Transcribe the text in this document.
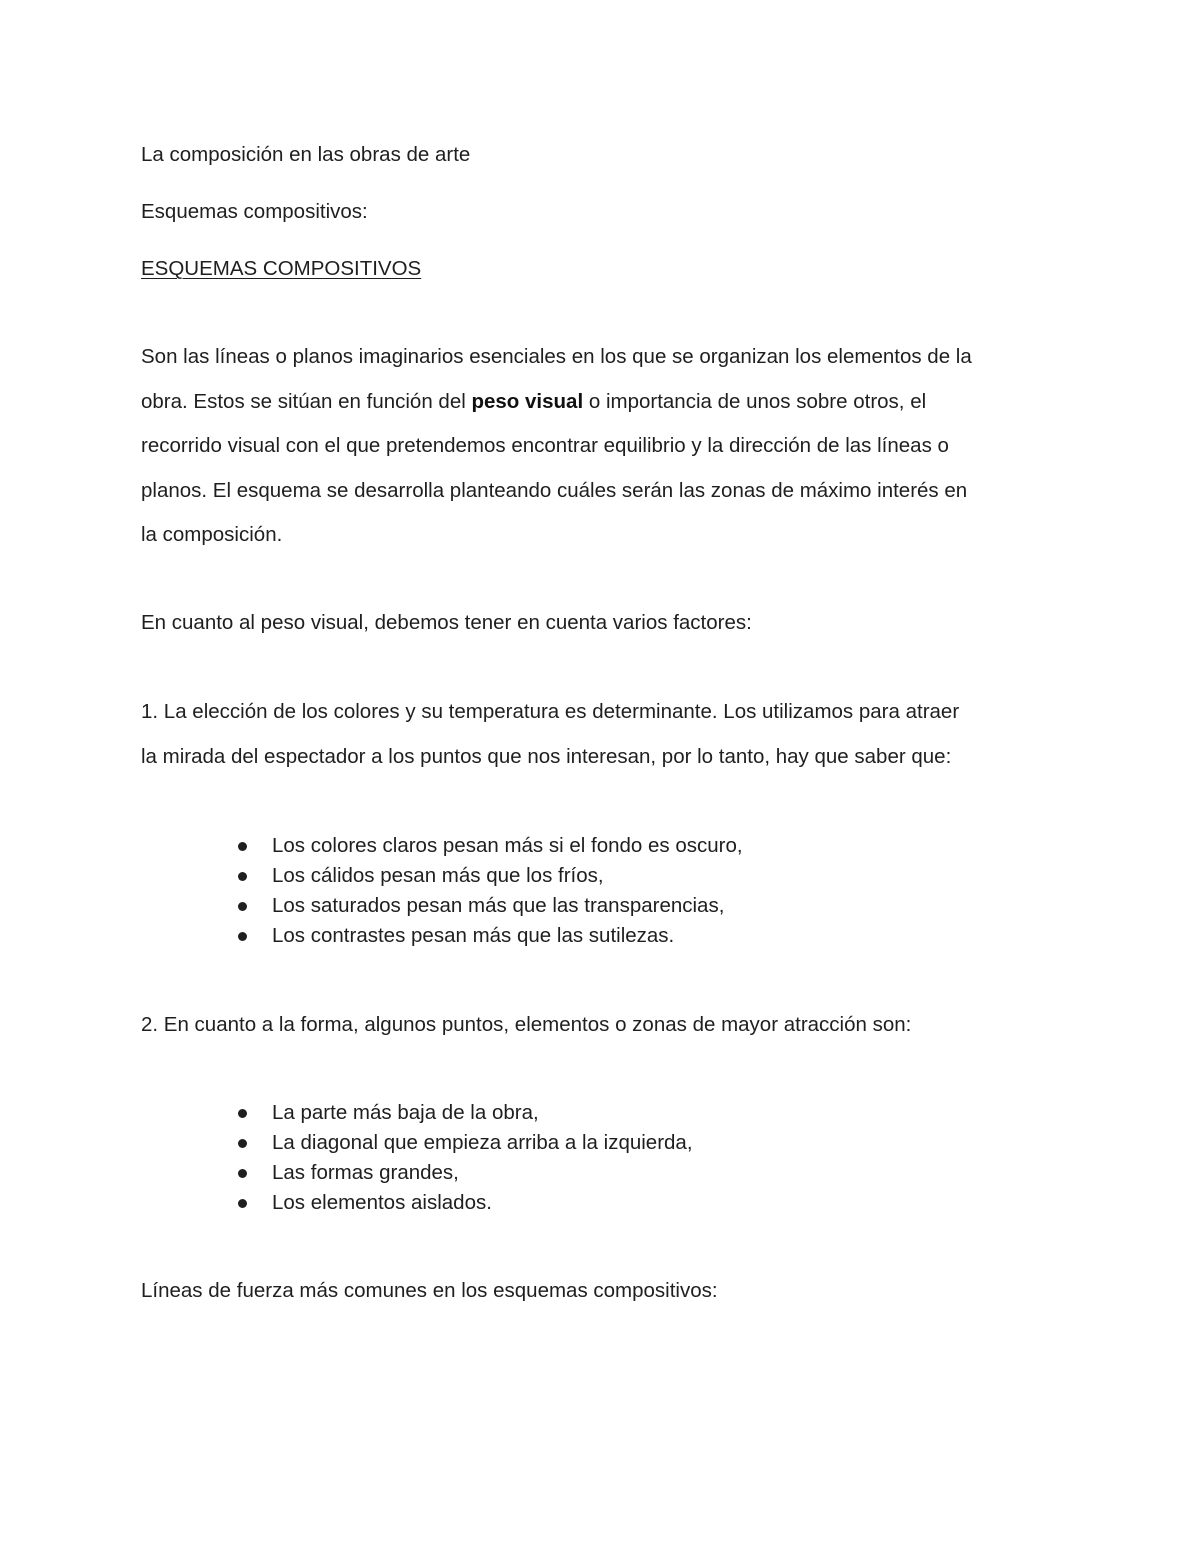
La composición en las obras de arte
Esquemas compositivos:
ESQUEMAS COMPOSITIVOS
Son las líneas o planos imaginarios esenciales en los que se organizan los elementos de la
obra. Estos se sitúan en función del peso visual o importancia de unos sobre otros, el
recorrido visual con el que pretendemos encontrar equilibrio y la dirección de las líneas o
planos. El esquema se desarrolla planteando cuáles serán las zonas de máximo interés en
la composición.
En cuanto al peso visual, debemos tener en cuenta varios factores:
1. La elección de los colores y su temperatura es determinante. Los utilizamos para atraer
la mirada del espectador a los puntos que nos interesan, por lo tanto, hay que saber que:
Los colores claros pesan más si el fondo es oscuro,
Los cálidos pesan más que los fríos,
Los saturados pesan más que las transparencias,
Los contrastes pesan más que las sutilezas.
2. En cuanto a la forma, algunos puntos, elementos o zonas de mayor atracción son:
La parte más baja de la obra,
La diagonal que empieza arriba a la izquierda,
Las formas grandes,
Los elementos aislados.
Líneas de fuerza más comunes en los esquemas compositivos:
